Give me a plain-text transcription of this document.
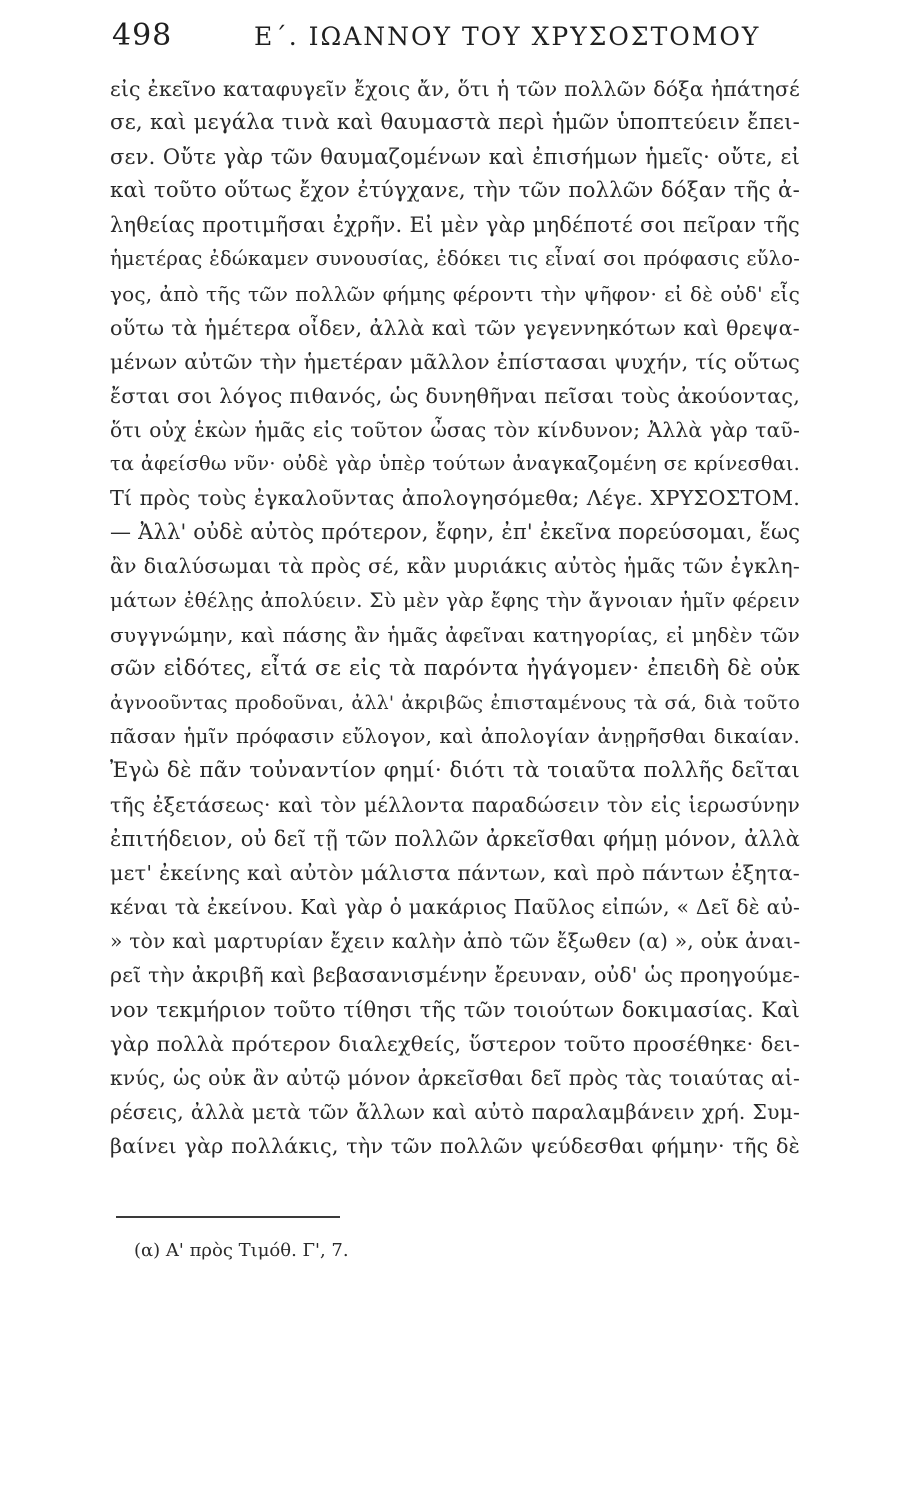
498	Ε΄. ΙΩΑΝΝΟΥ ΤΟΥ ΧΡΥΣΟΣΤΟΜΟΥ
εἰς ἐκεῖνο καταφυγεῖν ἔχοις ἄν, ὅτι ἡ τῶν πολλῶν δόξα ἠπάτησέ
σε, καὶ μεγάλα τινὰ καὶ θαυμαστὰ περὶ ἡμῶν ὑποπτεύειν ἔπει-
σεν. Οὔτε γὰρ τῶν θαυμαζομένων καὶ ἐπισήμων ἡμεῖς· οὔτε, εἰ
καὶ τοῦτο οὕτως ἔχον ἐτύγχανε, τὴν τῶν πολλῶν δόξαν τῆς ἀ-
ληθείας προτιμῆσαι ἐχρῆν. Εἰ μὲν γὰρ μηδέποτέ σοι πεῖραν τῆς
ἡμετέρας ἐδώκαμεν συνουσίας, ἐδόκει τις εἶναί σοι πρόφασις εὔλο-
γος, ἀπὸ τῆς τῶν πολλῶν φήμης φέροντι τὴν ψῆφον· εἰ δὲ οὐδ' εἷς
οὕτω τὰ ἡμέτερα οἶδεν, ἀλλὰ καὶ τῶν γεγεννηκότων καὶ θρεψα-
μένων αὐτῶν τὴν ἡμετέραν μᾶλλον ἐπίστασαι ψυχήν, τίς οὕτως
ἔσται σοι λόγος πιθανός, ὡς δυνηθῆναι πεῖσαι τοὺς ἀκούοντας,
ὅτι οὐχ ἑκὼν ἡμᾶς εἰς τοῦτον ὦσας τὸν κίνδυνον; Ἀλλὰ γὰρ ταῦ-
τα ἀφείσθω νῦν· οὐδὲ γὰρ ὑπὲρ τούτων ἀναγκαζομένη σε κρίνεσθαι.
Τί πρὸς τοὺς ἐγκαλοῦντας ἀπολογησόμεθα; Λέγε. ΧΡΥΣΟΣΤΟΜ.
— Ἀλλ' οὐδὲ αὐτὸς πρότερον, ἔφην, ἐπ' ἐκεῖνα πορεύσομαι, ἕως
ἂν διαλύσωμαι τὰ πρὸς σέ, κἂν μυριάκις αὐτὸς ἡμᾶς τῶν ἐγκλη-
μάτων ἐθέλῃς ἀπολύειν. Σὺ μὲν γὰρ ἔφης τὴν ἄγνοιαν ἡμῖν φέρειν
συγγνώμην, καὶ πάσης ἂν ἡμᾶς ἀφεῖναι κατηγορίας, εἰ μηδὲν τῶν
σῶν εἰδότες, εἶτά σε εἰς τὰ παρόντα ἠγάγομεν· ἐπειδὴ δὲ οὐκ
ἀγνοοῦντας προδοῦναι, ἀλλ' ἀκριβῶς ἐπισταμένους τὰ σά, διὰ τοῦτο
πᾶσαν ἡμῖν πρόφασιν εὔλογον, καὶ ἀπολογίαν ἀνῃρῆσθαι δικαίαν.
Ἐγὼ δὲ πᾶν τοὐναντίον φημί· διότι τὰ τοιαῦτα πολλῆς δεῖται
τῆς ἐξετάσεως· καὶ τὸν μέλλοντα παραδώσειν τὸν εἰς ἱερωσύνην
ἐπιτήδειον, οὐ δεῖ τῇ τῶν πολλῶν ἀρκεῖσθαι φήμῃ μόνον, ἀλλὰ
μετ' ἐκείνης καὶ αὐτὸν μάλιστα πάντων, καὶ πρὸ πάντων ἐξητα-
κέναι τὰ ἐκείνου. Καὶ γὰρ ὁ μακάριος Παῦλος εἰπών, « Δεῖ δὲ αὐ-
» τὸν καὶ μαρτυρίαν ἔχειν καλὴν ἀπὸ τῶν ἔξωθεν (α) », οὐκ ἀναι-
ρεῖ τὴν ἀκριβῆ καὶ βεβασανισμένην ἔρευναν, οὐδ' ὡς προηγούμε-
νον τεκμήριον τοῦτο τίθησι τῆς τῶν τοιούτων δοκιμασίας. Καὶ
γὰρ πολλὰ πρότερον διαλεχθείς, ὕστερον τοῦτο προσέθηκε· δει-
κνύς, ὡς οὐκ ἂν αὐτῷ μόνον ἀρκεῖσθαι δεῖ πρὸς τὰς τοιαύτας αἱ-
ρέσεις, ἀλλὰ μετὰ τῶν ἄλλων καὶ αὐτὸ παραλαμβάνειν χρή. Συμ-
βαίνει γὰρ πολλάκις, τὴν τῶν πολλῶν ψεύδεσθαι φήμην· τῆς δὲ
(α) Α' πρὸς Τιμόθ. Γ', 7.
